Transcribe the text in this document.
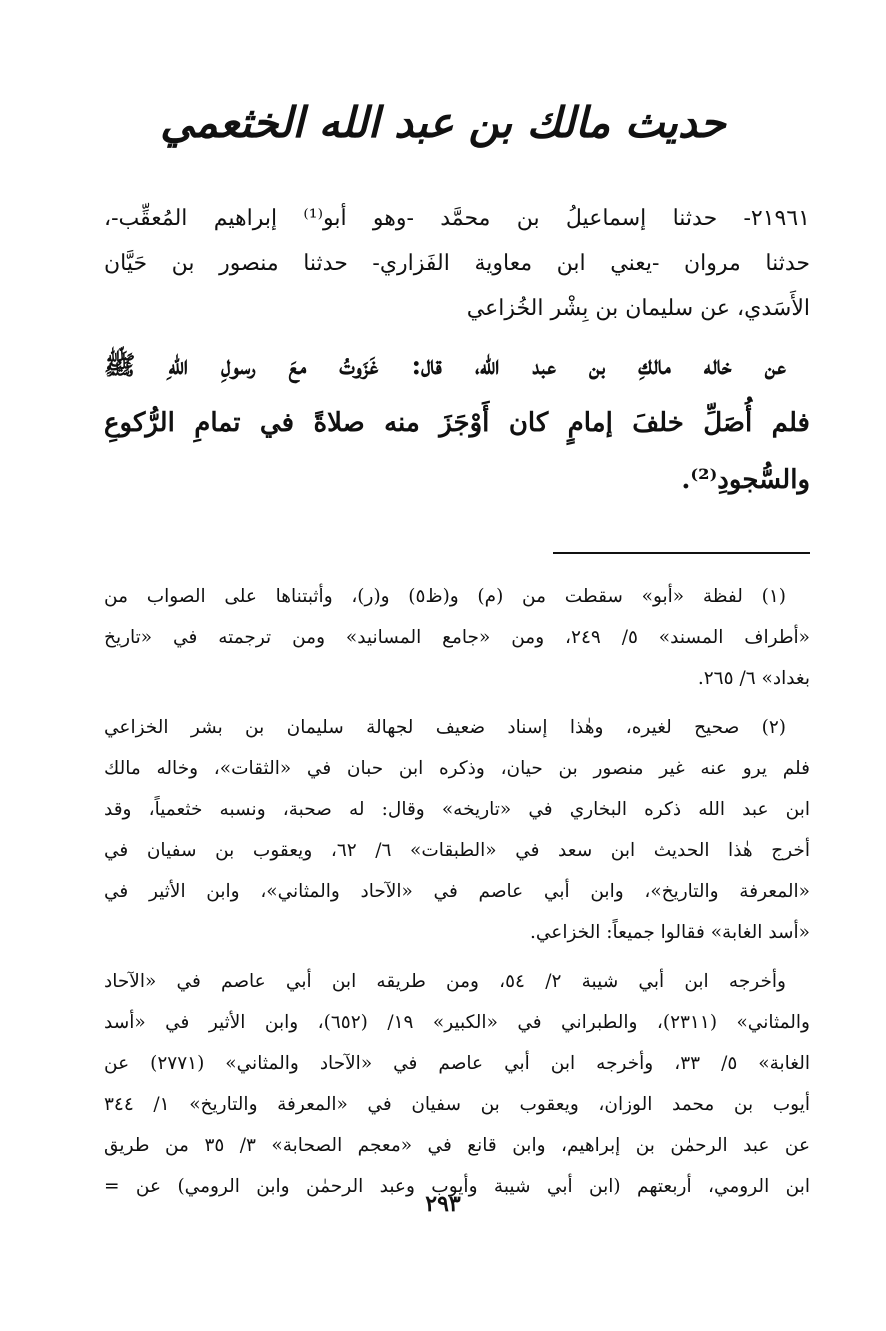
حديث مالك بن عبد الله الخثعمي
٢١٩٦١- حدثنا إسماعيلُ بن محمَّد -وهو أبو⁽¹⁾ إبراهيم المُعقِّب-،
حدثنا مروان -يعني ابن معاوية الفَزاري- حدثنا منصور بن حَيَّان
الأَسَدي، عن سليمان بن بِشْر الخُزاعي
عن خاله مالكِ بن عبد الله، قال: غَزَوتُ معَ رسولِ اللهِ ﷺ
فلم أُصَلِّ خلفَ إمامٍ كان أَوْجَزَ منه صلاةً في تمامِ الرُّكوعِ
والسُّجودِ⁽²⁾.
(١) لفظة «أبو» سقطت من (م) و(ظ٥) و(ر)، وأثبتناها على الصواب من
«أطراف المسند» ٥/ ٢٤٩، ومن «جامع المسانيد» ومن ترجمته في «تاريخ
بغداد» ٦/ ٢٦٥.
(٢) صحيح لغيره، وهٰذا إسناد ضعيف لجهالة سليمان بن بشر الخزاعي
فلم يرو عنه غير منصور بن حيان، وذكره ابن حبان في «الثقات»، وخاله مالك
ابن عبد الله ذكره البخاري في «تاريخه» وقال: له صحبة، ونسبه خثعمياً، وقد
أخرج هٰذا الحديث ابن سعد في «الطبقات» ٦/ ٦٢، ويعقوب بن سفيان في
«المعرفة والتاريخ»، وابن أبي عاصم في «الآحاد والمثاني»، وابن الأثير في
«أسد الغابة» فقالوا جميعاً: الخزاعي.
وأخرجه ابن أبي شيبة ٢/ ٥٤، ومن طريقه ابن أبي عاصم في «الآحاد
والمثاني» (٢٣١١)، والطبراني في «الكبير» ١٩/ (٦٥٢)، وابن الأثير في «أسد
الغابة» ٥/ ٣٣، وأخرجه ابن أبي عاصم في «الآحاد والمثاني» (٢٧٧١) عن
أيوب بن محمد الوزان، ويعقوب بن سفيان في «المعرفة والتاريخ» ١/ ٣٤٤
عن عبد الرحمٰن بن إبراهيم، وابن قانع في «معجم الصحابة» ٣/ ٣٥ من طريق
ابن الرومي، أربعتهم (ابن أبي شيبة وأيوب وعبد الرحمٰن وابن الرومي) عن =
٢٩٣
